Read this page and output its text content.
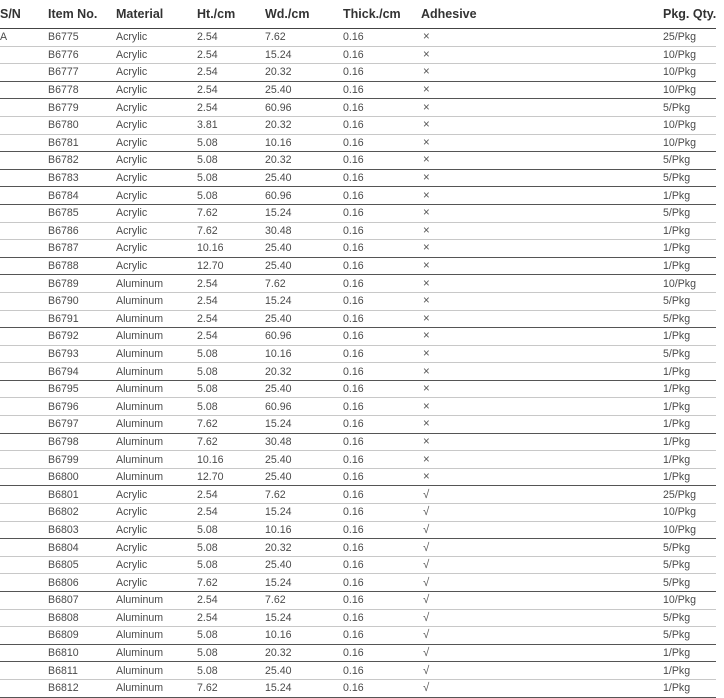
S/N	Item No.	Material	Ht./cm	Wd./cm	Thick./cm	Adhesive	Pkg. Qty.
A	B6775	Acrylic	2.54	7.62	0.16	×	25/Pkg
	B6776	Acrylic	2.54	15.24	0.16	×	10/Pkg
	B6777	Acrylic	2.54	20.32	0.16	×	10/Pkg
	B6778	Acrylic	2.54	25.40	0.16	×	10/Pkg
	B6779	Acrylic	2.54	60.96	0.16	×	5/Pkg
	B6780	Acrylic	3.81	20.32	0.16	×	10/Pkg
	B6781	Acrylic	5.08	10.16	0.16	×	10/Pkg
	B6782	Acrylic	5.08	20.32	0.16	×	5/Pkg
	B6783	Acrylic	5.08	25.40	0.16	×	5/Pkg
	B6784	Acrylic	5.08	60.96	0.16	×	1/Pkg
	B6785	Acrylic	7.62	15.24	0.16	×	5/Pkg
	B6786	Acrylic	7.62	30.48	0.16	×	1/Pkg
	B6787	Acrylic	10.16	25.40	0.16	×	1/Pkg
	B6788	Acrylic	12.70	25.40	0.16	×	1/Pkg
	B6789	Aluminum	2.54	7.62	0.16	×	10/Pkg
	B6790	Aluminum	2.54	15.24	0.16	×	5/Pkg
	B6791	Aluminum	2.54	25.40	0.16	×	5/Pkg
	B6792	Aluminum	2.54	60.96	0.16	×	1/Pkg
	B6793	Aluminum	5.08	10.16	0.16	×	5/Pkg
	B6794	Aluminum	5.08	20.32	0.16	×	1/Pkg
	B6795	Aluminum	5.08	25.40	0.16	×	1/Pkg
	B6796	Aluminum	5.08	60.96	0.16	×	1/Pkg
	B6797	Aluminum	7.62	15.24	0.16	×	1/Pkg
	B6798	Aluminum	7.62	30.48	0.16	×	1/Pkg
	B6799	Aluminum	10.16	25.40	0.16	×	1/Pkg
	B6800	Aluminum	12.70	25.40	0.16	×	1/Pkg
	B6801	Acrylic	2.54	7.62	0.16	√	25/Pkg
	B6802	Acrylic	2.54	15.24	0.16	√	10/Pkg
	B6803	Acrylic	5.08	10.16	0.16	√	10/Pkg
	B6804	Acrylic	5.08	20.32	0.16	√	5/Pkg
	B6805	Acrylic	5.08	25.40	0.16	√	5/Pkg
	B6806	Acrylic	7.62	15.24	0.16	√	5/Pkg
	B6807	Aluminum	2.54	7.62	0.16	√	10/Pkg
	B6808	Aluminum	2.54	15.24	0.16	√	5/Pkg
	B6809	Aluminum	5.08	10.16	0.16	√	5/Pkg
	B6810	Aluminum	5.08	20.32	0.16	√	1/Pkg
	B6811	Aluminum	5.08	25.40	0.16	√	1/Pkg
	B6812	Aluminum	7.62	15.24	0.16	√	1/Pkg
